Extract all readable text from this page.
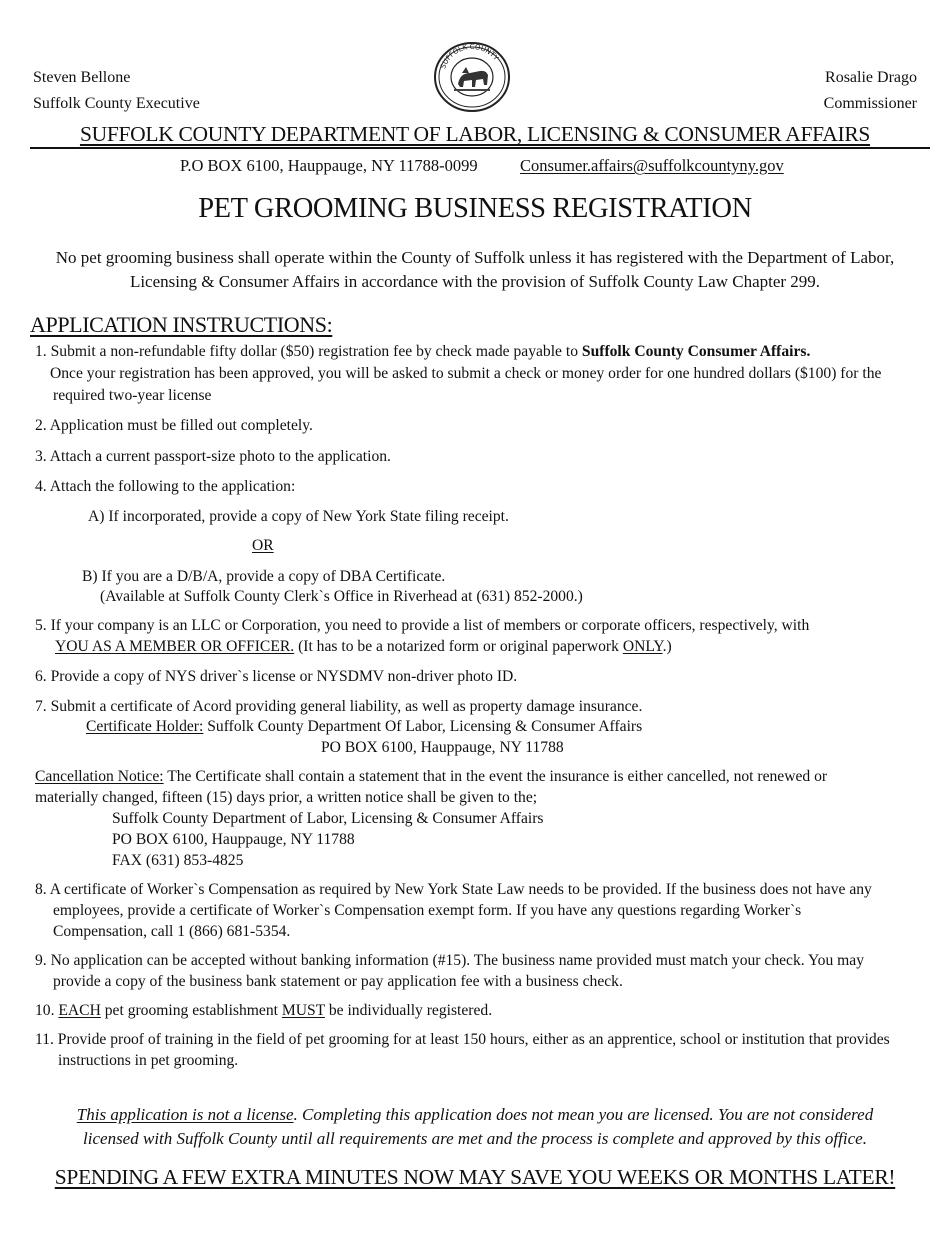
Steven Bellone
Suffolk County Executive
Rosalie Drago
Commissioner
SUFFOLK COUNTY
SUFFOLK COUNTY DEPARTMENT OF LABOR, LICENSING & CONSUMER AFFAIRS
P.O BOX 6100, Hauppauge, NY 11788-0099	Consumer.affairs@suffolkcountyny.gov
PET GROOMING BUSINESS REGISTRATION
No pet grooming business shall operate within the County of Suffolk unless it has registered with the Department of Labor, Licensing & Consumer Affairs in accordance with the provision of Suffolk County Law Chapter 299.
APPLICATION INSTRUCTIONS:
1. Submit a non-refundable fifty dollar ($50) registration fee by check made payable to Suffolk County Consumer Affairs.
Once your registration has been approved, you will be asked to submit a check or money order for one hundred dollars ($100) for the
required two-year license
2. Application must be filled out completely.
3. Attach a current passport-size photo to the application.
4. Attach the following to the application:
A) If incorporated, provide a copy of New York State filing receipt.
OR
B) If you are a D/B/A, provide a copy of DBA Certificate.
(Available at Suffolk County Clerk`s Office in Riverhead at (631) 852-2000.)
5. If your company is an LLC or Corporation, you need to provide a list of members or corporate officers, respectively, with
YOU AS A MEMBER OR OFFICER. (It has to be a notarized form or original paperwork ONLY.)
6. Provide a copy of NYS driver`s license or NYSDMV non-driver photo ID.
7. Submit a certificate of Acord providing general liability, as well as property damage insurance.
Certificate Holder: Suffolk County Department Of Labor, Licensing & Consumer Affairs
PO BOX 6100, Hauppauge, NY 11788
Cancellation Notice: The Certificate shall contain a statement that in the event the insurance is either cancelled, not renewed or
materially changed, fifteen (15) days prior, a written notice shall be given to the;
Suffolk County Department of Labor, Licensing & Consumer Affairs
PO BOX 6100, Hauppauge, NY 11788
FAX (631) 853-4825
8. A certificate of Worker`s Compensation as required by New York State Law needs to be provided. If the business does not have any
employees, provide a certificate of Worker`s Compensation exempt form. If you have any questions regarding Worker`s
Compensation, call 1 (866) 681-5354.
9. No application can be accepted without banking information (#15). The business name provided must match your check. You may
provide a copy of the business bank statement or pay application fee with a business check.
10. EACH pet grooming establishment MUST be individually registered.
11. Provide proof of training in the field of pet grooming for at least 150 hours, either as an apprentice, school or institution that provides
instructions in pet grooming.
This application is not a license. Completing this application does not mean you are licensed. You are not considered licensed with Suffolk County until all requirements are met and the process is complete and approved by this office.
SPENDING A FEW EXTRA MINUTES NOW MAY SAVE YOU WEEKS OR MONTHS LATER!
